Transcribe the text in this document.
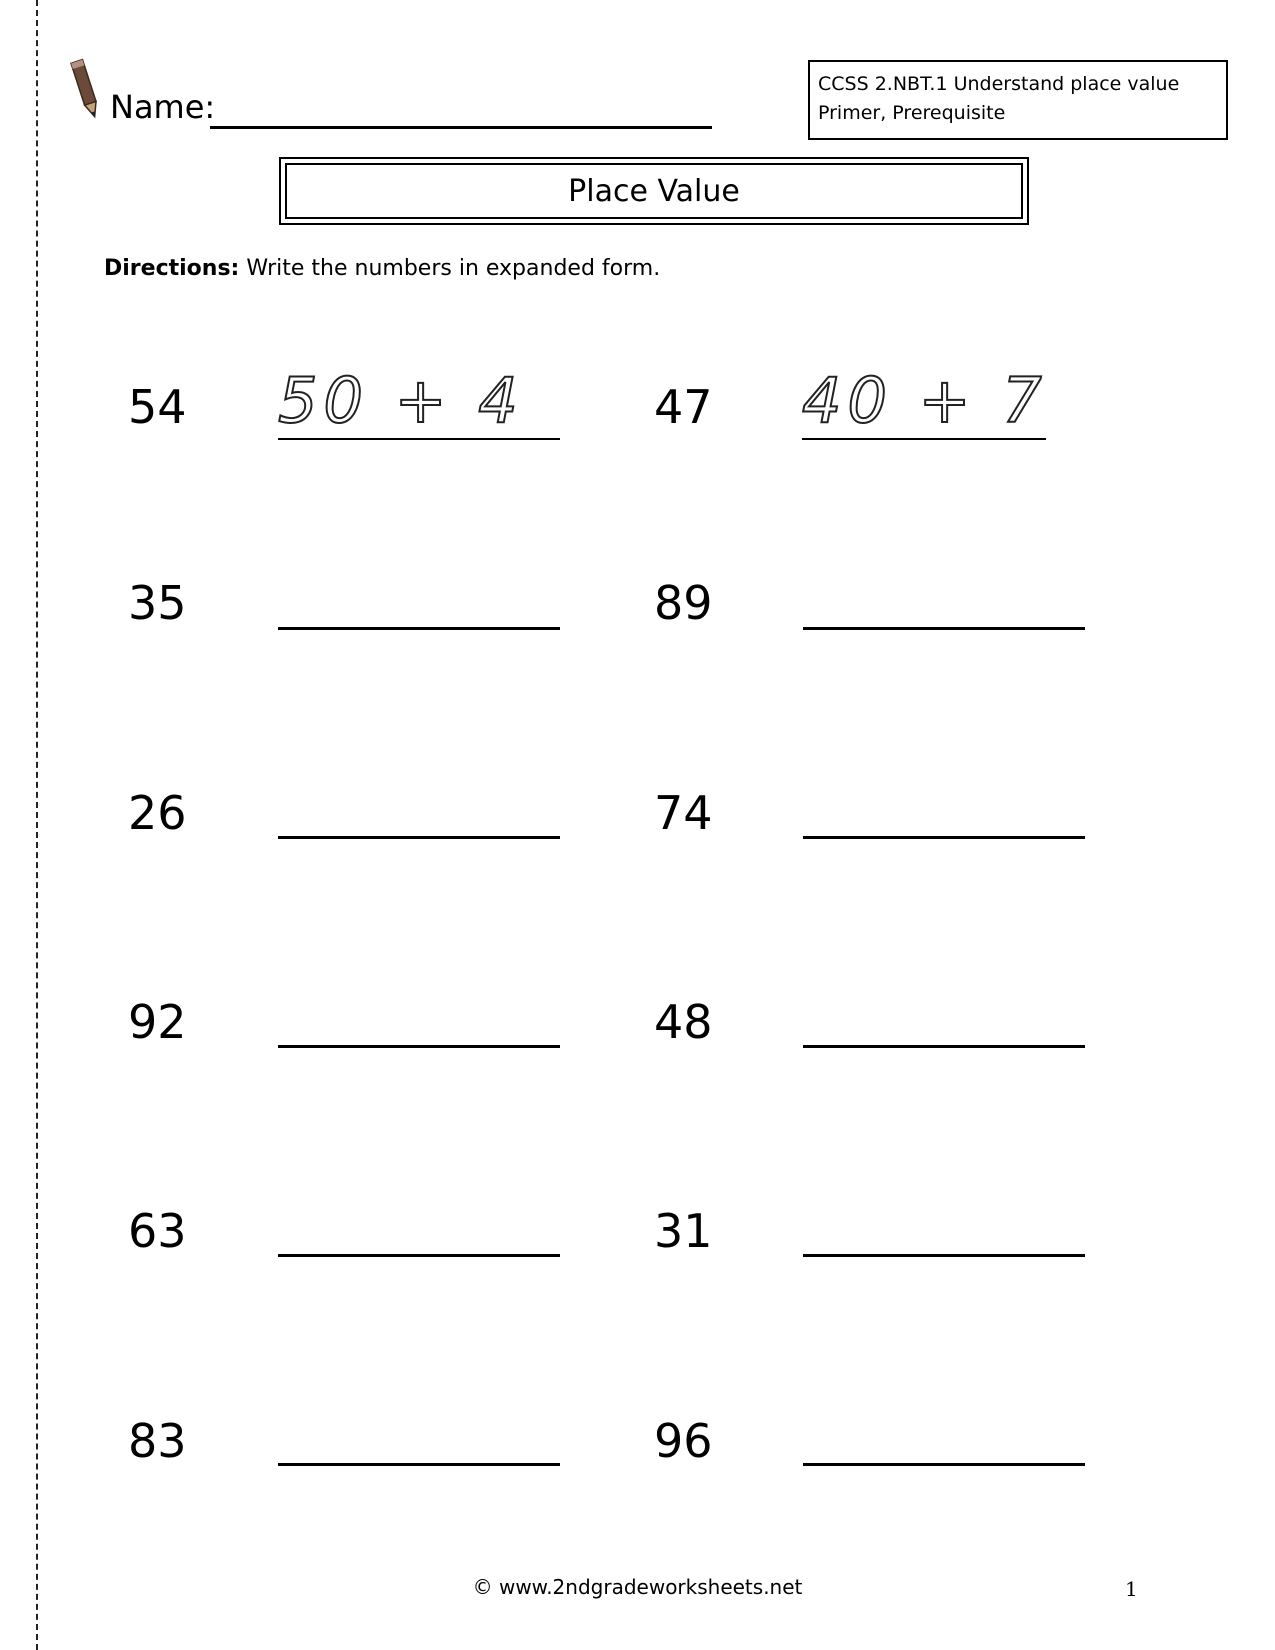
Name:
CCSS 2.NBT.1 Understand place value
Primer, Prerequisite
Place Value
Directions: Write the numbers in expanded form.
54 50 + 4	47 40 + 7
35	89
26	74
92	48
63	31
83	96
© www.2ndgradeworksheets.net	1
